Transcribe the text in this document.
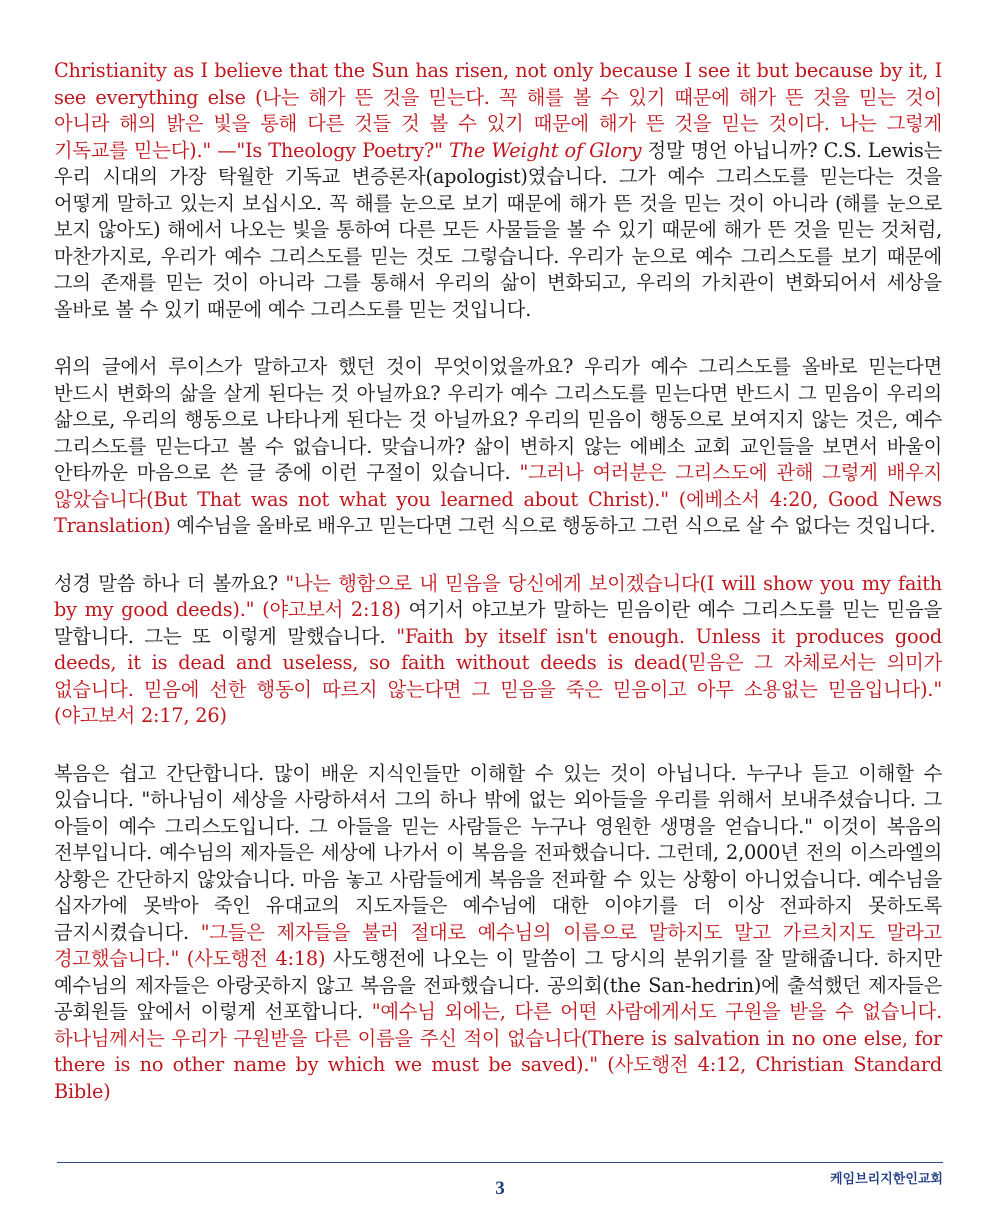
Christianity as I believe that the Sun has risen, not only because I see it but because by it, I see everything else (나는 해가 뜬 것을 믿는다. 꼭 해를 볼 수 있기 때문에 해가 뜬 것을 믿는 것이 아니라 해의 밝은 빛을 통해 다른 것들 것 볼 수 있기 때문에 해가 뜬 것을 믿는 것이다. 나는 그렇게 기독교를 믿는다)." —"Is Theology Poetry?" The Weight of Glory 정말 명언 아닙니까? C.S. Lewis는 우리 시대의 가장 탁월한 기독교 변증론자(apologist)였습니다. 그가 예수 그리스도를 믿는다는 것을 어떻게 말하고 있는지 보십시오. 꼭 해를 눈으로 보기 때문에 해가 뜬 것을 믿는 것이 아니라 (해를 눈으로 보지 않아도) 해에서 나오는 빛을 통하여 다른 모든 사물들을 볼 수 있기 때문에 해가 뜬 것을 믿는 것처럼, 마찬가지로, 우리가 예수 그리스도를 믿는 것도 그렇습니다. 우리가 눈으로 예수 그리스도를 보기 때문에 그의 존재를 믿는 것이 아니라 그를 통해서 우리의 삶이 변화되고, 우리의 가치관이 변화되어서 세상을 올바로 볼 수 있기 때문에 예수 그리스도를 믿는 것입니다.

위의 글에서 루이스가 말하고자 했던 것이 무엇이었을까요? 우리가 예수 그리스도를 올바로 믿는다면 반드시 변화의 삶을 살게 된다는 것 아닐까요? 우리가 예수 그리스도를 믿는다면 반드시 그 믿음이 우리의 삶으로, 우리의 행동으로 나타나게 된다는 것 아닐까요? 우리의 믿음이 행동으로 보여지지 않는 것은, 예수 그리스도를 믿는다고 볼 수 없습니다. 맞습니까? 삶이 변하지 않는 에베소 교회 교인들을 보면서 바울이 안타까운 마음으로 쓴 글 중에 이런 구절이 있습니다. "그러나 여러분은 그리스도에 관해 그렇게 배우지 않았습니다(But That was not what you learned about Christ)." (에베소서 4:20, Good News Translation) 예수님을 올바로 배우고 믿는다면 그런 식으로 행동하고 그런 식으로 살 수 없다는 것입니다.

성경 말씀 하나 더 볼까요? "나는 행함으로 내 믿음을 당신에게 보이겠습니다(I will show you my faith by my good deeds)." (야고보서 2:18) 여기서 야고보가 말하는 믿음이란 예수 그리스도를 믿는 믿음을 말합니다. 그는 또 이렇게 말했습니다. "Faith by itself isn't enough. Unless it produces good deeds, it is dead and useless, so faith without deeds is dead(믿음은 그 자체로서는 의미가 없습니다. 믿음에 선한 행동이 따르지 않는다면 그 믿음을 죽은 믿음이고 아무 소용없는 믿음입니다)." (야고보서 2:17, 26)

복음은 쉽고 간단합니다. 많이 배운 지식인들만 이해할 수 있는 것이 아닙니다. 누구나 듣고 이해할 수 있습니다. "하나님이 세상을 사랑하셔서 그의 하나 밖에 없는 외아들을 우리를 위해서 보내주셨습니다. 그 아들이 예수 그리스도입니다. 그 아들을 믿는 사람들은 누구나 영원한 생명을 얻습니다." 이것이 복음의 전부입니다. 예수님의 제자들은 세상에 나가서 이 복음을 전파했습니다. 그런데, 2,000년 전의 이스라엘의 상황은 간단하지 않았습니다. 마음 놓고 사람들에게 복음을 전파할 수 있는 상황이 아니었습니다. 예수님을 십자가에 못박아 죽인 유대교의 지도자들은 예수님에 대한 이야기를 더 이상 전파하지 못하도록 금지시켰습니다. "그들은 제자들을 불러 절대로 예수님의 이름으로 말하지도 말고 가르치지도 말라고 경고했습니다." (사도행전 4:18) 사도행전에 나오는 이 말씀이 그 당시의 분위기를 잘 말해줍니다. 하지만 예수님의 제자들은 아랑곳하지 않고 복음을 전파했습니다. 공의회(the San-hedrin)에 출석했던 제자들은 공회원들 앞에서 이렇게 선포합니다. "예수님 외에는, 다른 어떤 사람에게서도 구원을 받을 수 없습니다. 하나님께서는 우리가 구원받을 다른 이름을 주신 적이 없습니다(There is salvation in no one else, for there is no other name by which we must be saved)." (사도행전 4:12, Christian Standard Bible)

케임브리지한인교회
3
